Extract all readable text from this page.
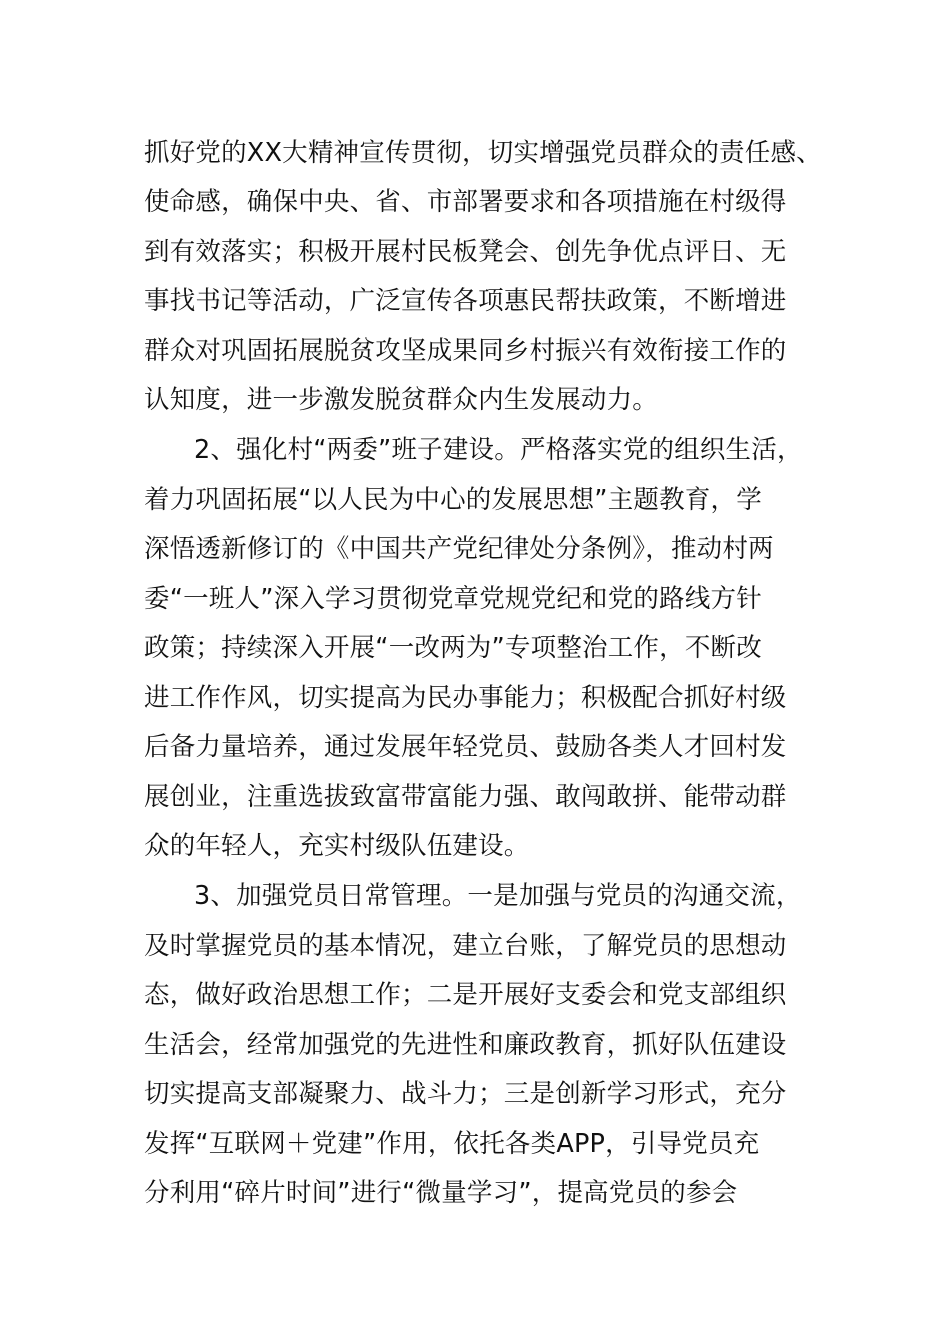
抓好党的XX大精神宣传贯彻，切实增强党员群众的责任感、
使命感，确保中央、省、市部署要求和各项措施在村级得
到有效落实；积极开展村民板凳会、创先争优点评日、无
事找书记等活动，广泛宣传各项惠民帮扶政策，不断增进
群众对巩固拓展脱贫攻坚成果同乡村振兴有效衔接工作的
认知度，进一步激发脱贫群众内生发展动力。
2、强化村“两委”班子建设。严格落实党的组织生活，
着力巩固拓展“以人民为中心的发展思想”主题教育，学
深悟透新修订的《中国共产党纪律处分条例》，推动村两
委“一班人”深入学习贯彻党章党规党纪和党的路线方针
政策；持续深入开展“一改两为”专项整治工作，不断改
进工作作风，切实提高为民办事能力；积极配合抓好村级
后备力量培养，通过发展年轻党员、鼓励各类人才回村发
展创业，注重选拔致富带富能力强、敢闯敢拼、能带动群
众的年轻人，充实村级队伍建设。
3、加强党员日常管理。一是加强与党员的沟通交流，
及时掌握党员的基本情况，建立台账，了解党员的思想动
态，做好政治思想工作；二是开展好支委会和党支部组织
生活会，经常加强党的先进性和廉政教育，抓好队伍建设
切实提高支部凝聚力、战斗力；三是创新学习形式，充分
发挥“互联网＋党建”作用，依托各类APP，引导党员充
分利用“碎片时间”进行“微量学习”，提高党员的参会
